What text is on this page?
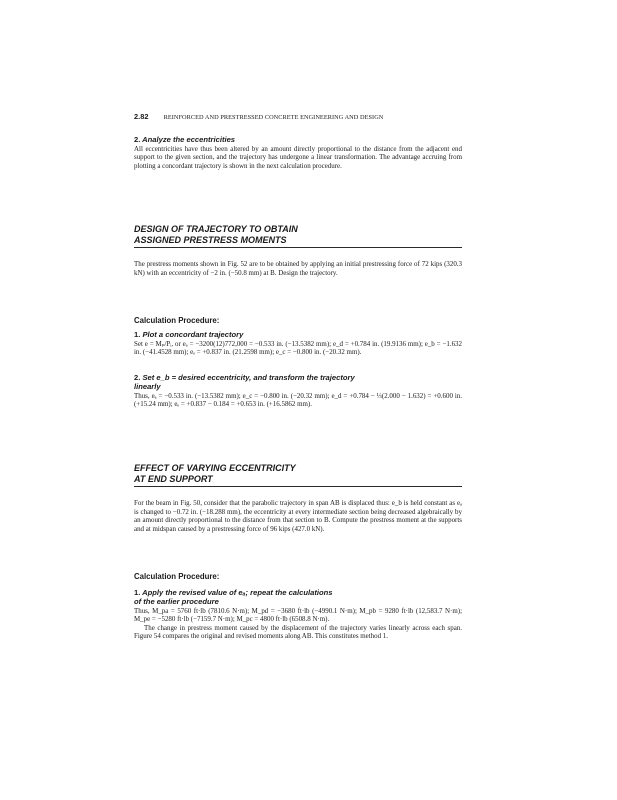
2.82 REINFORCED AND PRESTRESSED CONCRETE ENGINEERING AND DESIGN
2. Analyze the eccentricities
All eccentricities have thus been altered by an amount directly proportional to the distance from the adjacent end support to the given section, and the trajectory has undergone a linear transformation. The advantage accruing from plotting a concordant trajectory is shown in the next calculation procedure.
DESIGN OF TRAJECTORY TO OBTAIN
ASSIGNED PRESTRESS MOMENTS
The prestress moments shown in Fig. 52 are to be obtained by applying an initial prestressing force of 72 kips (320.3 kN) with an eccentricity of −2 in. (−50.8 mm) at B. Design the trajectory.
Calculation Procedure:
1. Plot a concordant trajectory
Set e = Mₚ/Pᵢ, or eₐ = −3200(12)772,000 = −0.533 in. (−13.5382 mm); e_d = +0.784 in. (19.9136 mm); e_b = −1.632 in. (−41.4528 mm); eₑ = +0.837 in. (21.2598 mm); e_c = −0.800 in. (−20.32 mm).
2. Set e_b = desired eccentricity, and transform the trajectory
linearly
Thus, eₐ = −0.533 in. (−13.5382 mm); e_c = −0.800 in. (−20.32 mm); e_d = +0.784 − ⅓(2.000 − 1.632) = +0.600 in. (+15.24 mm); eₑ = +0.837 − 0.184 = +0.653 in. (+16.5862 mm).
EFFECT OF VARYING ECCENTRICITY
AT END SUPPORT
For the beam in Fig. 50, consider that the parabolic trajectory in span AB is displaced thus: e_b is held constant as eₐ is changed to −0.72 in. (−18.288 mm), the eccentricity at every intermediate section being decreased algebraically by an amount directly proportional to the distance from that section to B. Compute the prestress moment at the supports and at midspan caused by a prestressing force of 96 kips (427.0 kN).
Calculation Procedure:
1. Apply the revised value of eₐ; repeat the calculations
of the earlier procedure
Thus, M_pa = 5760 ft·lb (7810.6 N·m); M_pd = −3680 ft·lb (−4990.1 N·m); M_pb = 9280 ft·lb (12,583.7 N·m); M_pe = −5280 ft·lb (−7159.7 N·m); M_pc = 4800 ft·lb (6508.8 N·m).
The change in prestress moment caused by the displacement of the trajectory varies linearly across each span. Figure 54 compares the original and revised moments along AB. This constitutes method 1.
